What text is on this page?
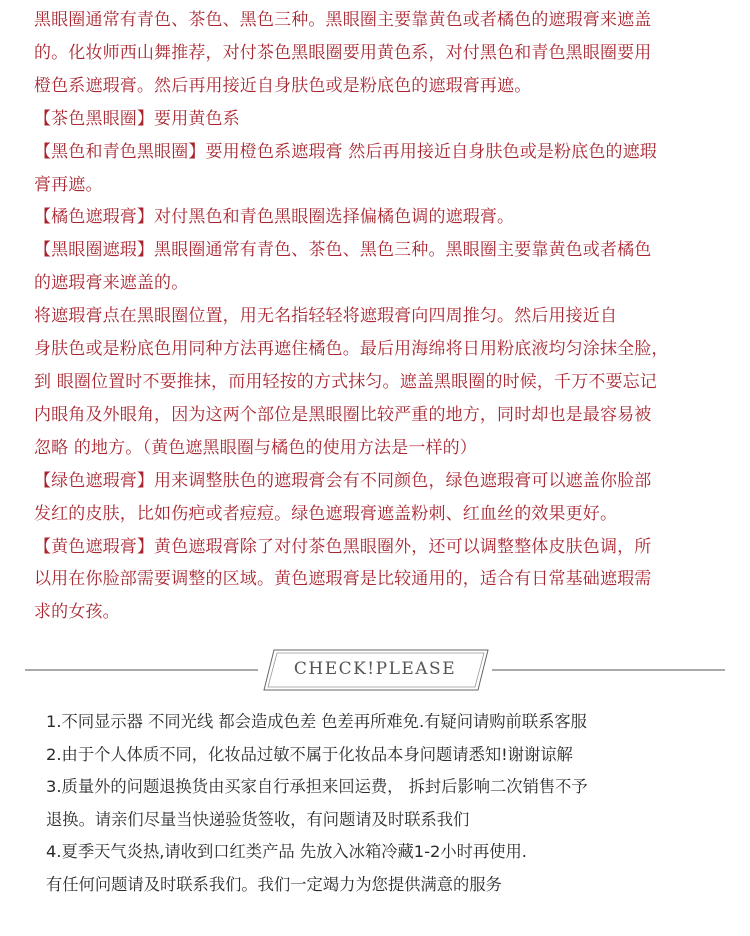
黑眼圈通常有青色、茶色、黑色三种。黑眼圈主要靠黄色或者橘色的遮瑕膏来遮盖
的。化妆师西山舞推荐，对付茶色黑眼圈要用黄色系，对付黑色和青色黑眼圈要用
橙色系遮瑕膏。然后再用接近自身肤色或是粉底色的遮瑕膏再遮。
【茶色黑眼圈】要用黄色系
【黑色和青色黑眼圈】要用橙色系遮瑕膏 然后再用接近自身肤色或是粉底色的遮瑕
膏再遮。
【橘色遮瑕膏】对付黑色和青色黑眼圈选择偏橘色调的遮瑕膏。
【黑眼圈遮瑕】黑眼圈通常有青色、茶色、黑色三种。黑眼圈主要靠黄色或者橘色
的遮瑕膏来遮盖的。
将遮瑕膏点在黑眼圈位置，用无名指轻轻将遮瑕膏向四周推匀。然后用接近自
身肤色或是粉底色用同种方法再遮住橘色。最后用海绵将日用粉底液均匀涂抹全脸，
到 眼圈位置时不要推抹，而用轻按的方式抹匀。遮盖黑眼圈的时候，千万不要忘记
内眼角及外眼角，因为这两个部位是黑眼圈比较严重的地方，同时却也是最容易被
忽略 的地方。（黄色遮黑眼圈与橘色的使用方法是一样的）
【绿色遮瑕膏】用来调整肤色的遮瑕膏会有不同颜色，绿色遮瑕膏可以遮盖你脸部
发红的皮肤，比如伤疤或者痘痘。绿色遮瑕膏遮盖粉刺、红血丝的效果更好。
【黄色遮瑕膏】黄色遮瑕膏除了对付茶色黑眼圈外，还可以调整整体皮肤色调，所
以用在你脸部需要调整的区域。黄色遮瑕膏是比较通用的，适合有日常基础遮瑕需
求的女孩。
CHECK!PLEASE
1.不同显示器 不同光线 都会造成色差 色差再所难免.有疑问请购前联系客服
2.由于个人体质不同，化妆品过敏不属于化妆品本身问题请悉知!谢谢谅解
3.质量外的问题退换货由买家自行承担来回运费， 拆封后影响二次销售不予
退换。请亲们尽量当快递验货签收，有问题请及时联系我们
4.夏季天气炎热,请收到口红类产品 先放入冰箱冷藏1-2小时再使用.
有任何问题请及时联系我们。我们一定竭力为您提供满意的服务
